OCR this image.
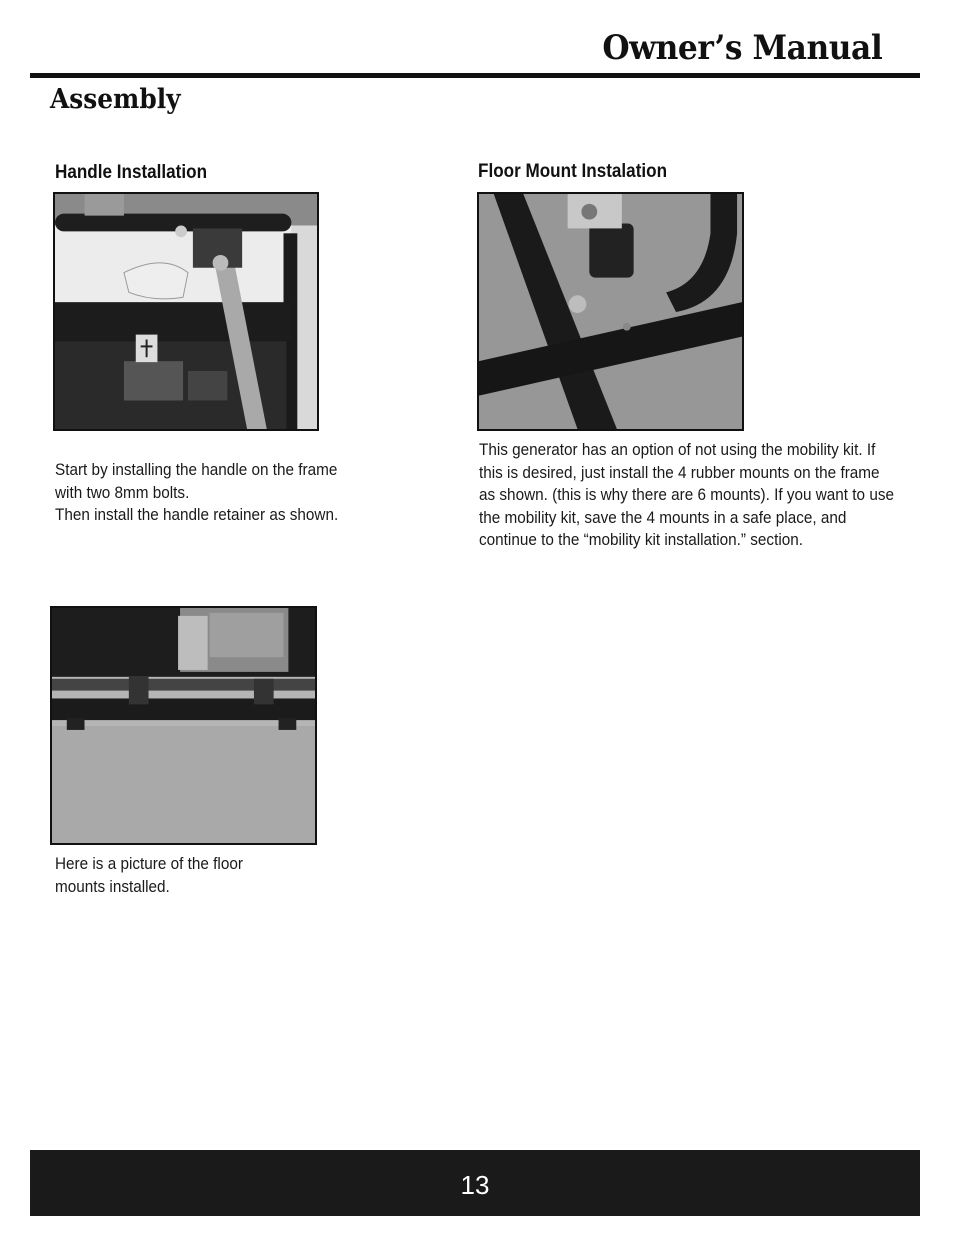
Owner’s Manual
Assembly
Handle Installation

Start by installing the handle on the frame with two 8mm bolts.

Then install the handle retainer as shown.

Floor Mount Instalation

This generator has an option of not using the mobility kit. If this is desired, just install the 4 rubber mounts on the frame as shown. (this is why there are 6 mounts). If you want to use the mobility kit, save the 4 mounts in a safe place, and continue to the “mobility kit installation.” section.

Here is a picture of the floor mounts installed.

13
